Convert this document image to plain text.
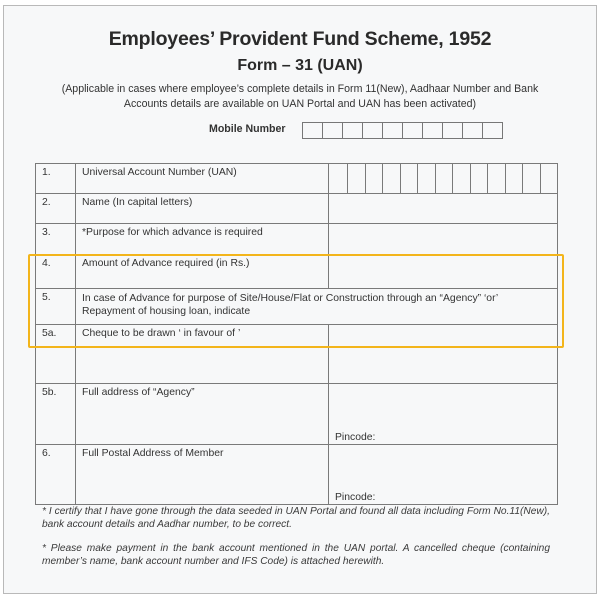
Employees’ Provident Fund Scheme, 1952
Form – 31 (UAN)
(Applicable in cases where employee’s complete details in Form 11(New), Aadhaar Number and Bank Accounts details are available on UAN Portal and UAN has been activated)
Mobile Number
1.	Universal Account Number (UAN)	

2.	Name (In capital letters)	
3.	*Purpose for which advance is required	
4.	Amount of Advance required (in Rs.)	
5.	In case of Advance for purpose of Site/House/Flat or Construction through an “Agency” ‘or’ Repayment of housing loan, indicate	
5a.	Cheque to be drawn ‘ in favour of ’	
5b.	Full address of “Agency”	Pincode:

6.	Full Postal Address of Member	Pincode:

* I certify that I have gone through the data seeded in UAN Portal and found all data including Form No.11(New), bank account details and Aadhar number, to be correct.

* Please make payment in the bank account mentioned in the UAN portal. A cancelled cheque (containing member’s name, bank account number and IFS Code) is attached herewith.
